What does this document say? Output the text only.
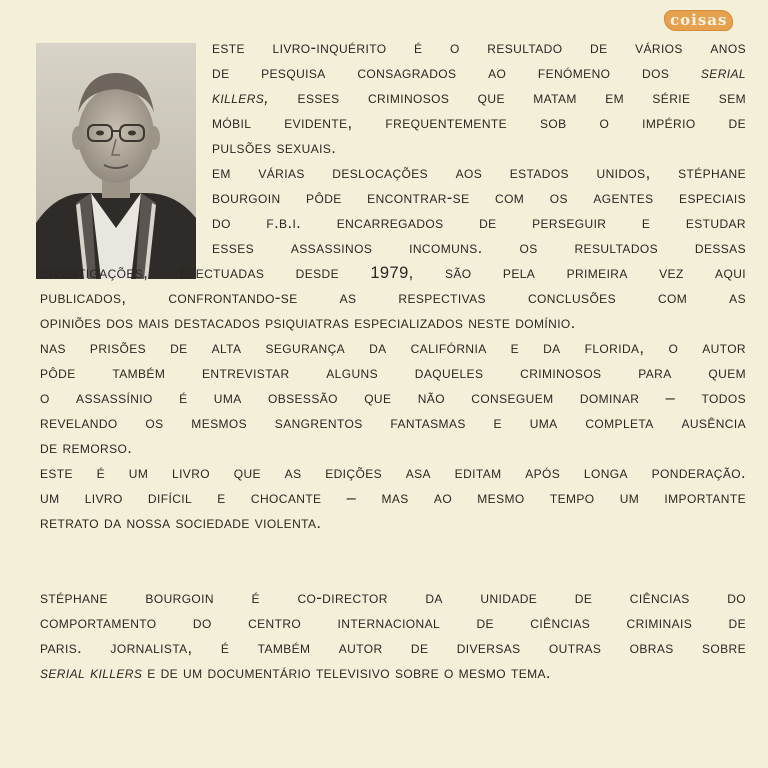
coisas

este livro-inquérito é o resultado de vários anos
de pesquisa consagrados ao fenómeno dos serial
killers, esses criminosos que matam em série sem
móbil evidente, frequentemente sob o império de
pulsões sexuais.

em várias deslocações aos estados unidos, stéphane
bourgoin pôde encontrar-se com os agentes especiais
do f.b.i. encarregados de perseguir e estudar
esses assassinos incomuns. os resultados dessas
investigações, efectuadas desde 1979, são pela primeira vez aqui
publicados, confrontando-se as respectivas conclusões com as
opiniões dos mais destacados psiquiatras especializados neste domínio.

nas prisões de alta segurança da califórnia e da florida, o autor
pôde também entrevistar alguns daqueles criminosos para quem
o assassínio é uma obsessão que não conseguem dominar – todos
revelando os mesmos sangrentos fantasmas e uma completa ausência
de remorso.

este é um livro que as edições asa editam após longa ponderação.
um livro difícil e chocante – mas ao mesmo tempo um importante
retrato da nossa sociedade violenta.

stéphane bourgoin é co-director da unidade de ciências do
comportamento do centro internacional de ciências criminais de
paris. jornalista, é também autor de diversas outras obras sobre
serial killers e de um documentário televisivo sobre o mesmo tema.
